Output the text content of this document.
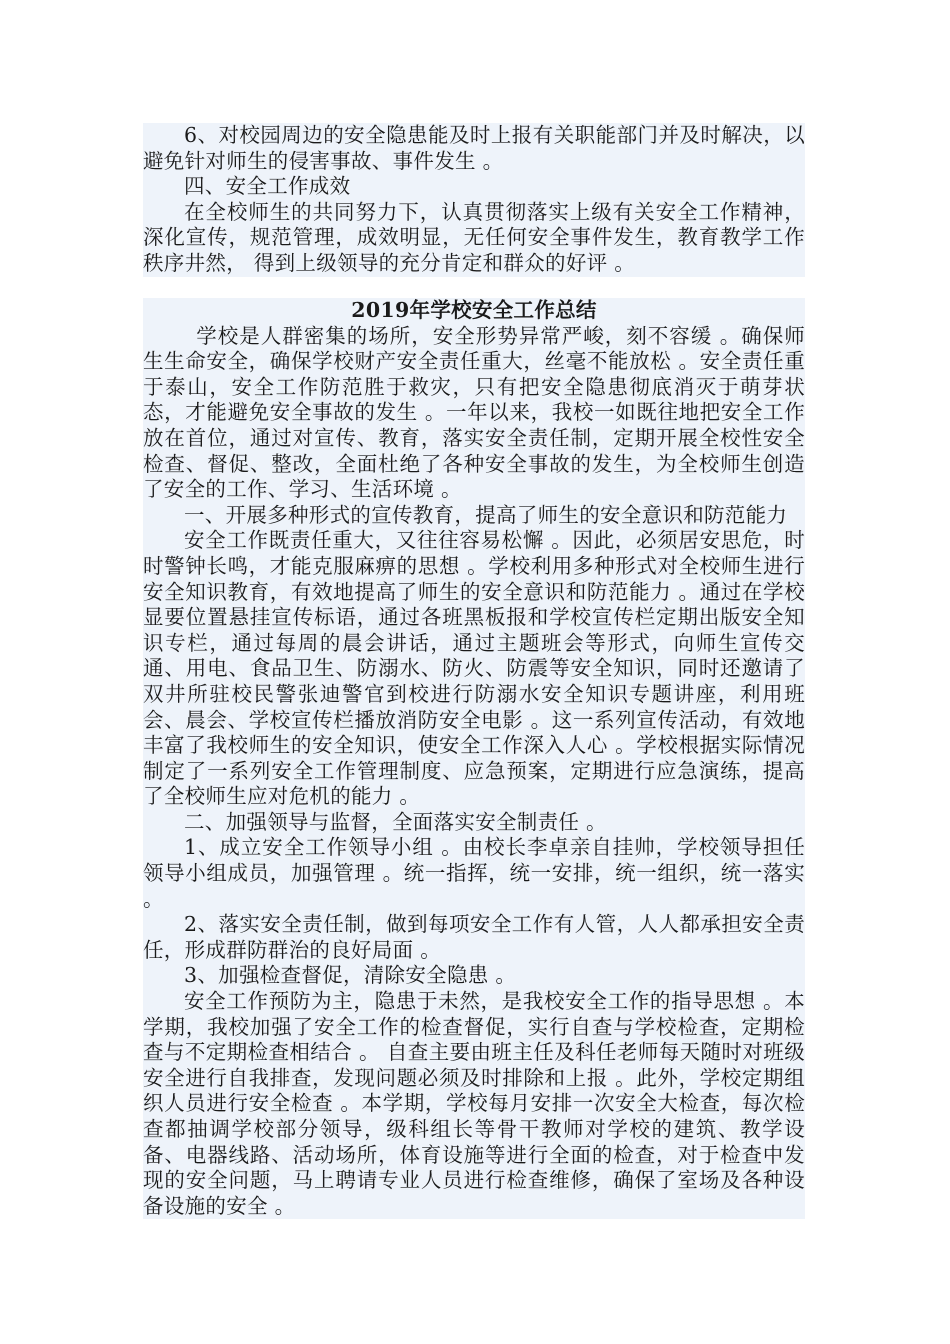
6、对校园周边的安全隐患能及时上报有关职能部门并及时解决，以避免针对师生的侵害事故、事件发生 。

四、安全工作成效

在全校师生的共同努力下，认真贯彻落实上级有关安全工作精神，深化宣传，规范管理，成效明显，无任何安全事件发生，教育教学工作秩序井然， 得到上级领导的充分肯定和群众的好评 。

2019年学校安全工作总结

学校是人群密集的场所，安全形势异常严峻，刻不容缓 。确保师生生命安全，确保学校财产安全责任重大，丝毫不能放松 。安全责任重于泰山，安全工作防范胜于救灾，只有把安全隐患彻底消灭于萌芽状态，才能避免安全事故的发生 。一年以来，我校一如既往地把安全工作放在首位，通过对宣传、教育，落实安全责任制，定期开展全校性安全检查、督促、整改，全面杜绝了各种安全事故的发生，为全校师生创造了安全的工作、学习、生活环境 。

一、开展多种形式的宣传教育，提高了师生的安全意识和防范能力

安全工作既责任重大，又往往容易松懈 。因此，必须居安思危，时时警钟长鸣，才能克服麻痹的思想 。学校利用多种形式对全校师生进行安全知识教育，有效地提高了师生的安全意识和防范能力 。通过在学校显要位置悬挂宣传标语，通过各班黑板报和学校宣传栏定期出版安全知识专栏，通过每周的晨会讲话，通过主题班会等形式，向师生宣传交通、用电、食品卫生、防溺水、防火、防震等安全知识，同时还邀请了双井所驻校民警张迪警官到校进行防溺水安全知识专题讲座，利用班会、晨会、学校宣传栏播放消防安全电影 。这一系列宣传活动，有效地丰富了我校师生的安全知识，使安全工作深入人心 。学校根据实际情况制定了一系列安全工作管理制度、应急预案，定期进行应急演练，提高了全校师生应对危机的能力 。

二、加强领导与监督，全面落实安全制责任 。

1、成立安全工作领导小组 。由校长李卓亲自挂帅，学校领导担任领导小组成员，加强管理 。统一指挥，统一安排，统一组织，统一落实 。

2、落实安全责任制，做到每项安全工作有人管，人人都承担安全责任，形成群防群治的良好局面 。

3、加强检查督促，清除安全隐患 。

安全工作预防为主，隐患于未然，是我校安全工作的指导思想 。本学期，我校加强了安全工作的检查督促，实行自查与学校检查，定期检查与不定期检查相结合 。 自查主要由班主任及科任老师每天随时对班级安全进行自我排查，发现问题必须及时排除和上报 。此外，学校定期组织人员进行安全检查 。本学期，学校每月安排一次安全大检查，每次检查都抽调学校部分领导，级科组长等骨干教师对学校的建筑、教学设备、电器线路、活动场所，体育设施等进行全面的检查，对于检查中发现的安全问题，马上聘请专业人员进行检查维修，确保了室场及各种设备设施的安全 。
